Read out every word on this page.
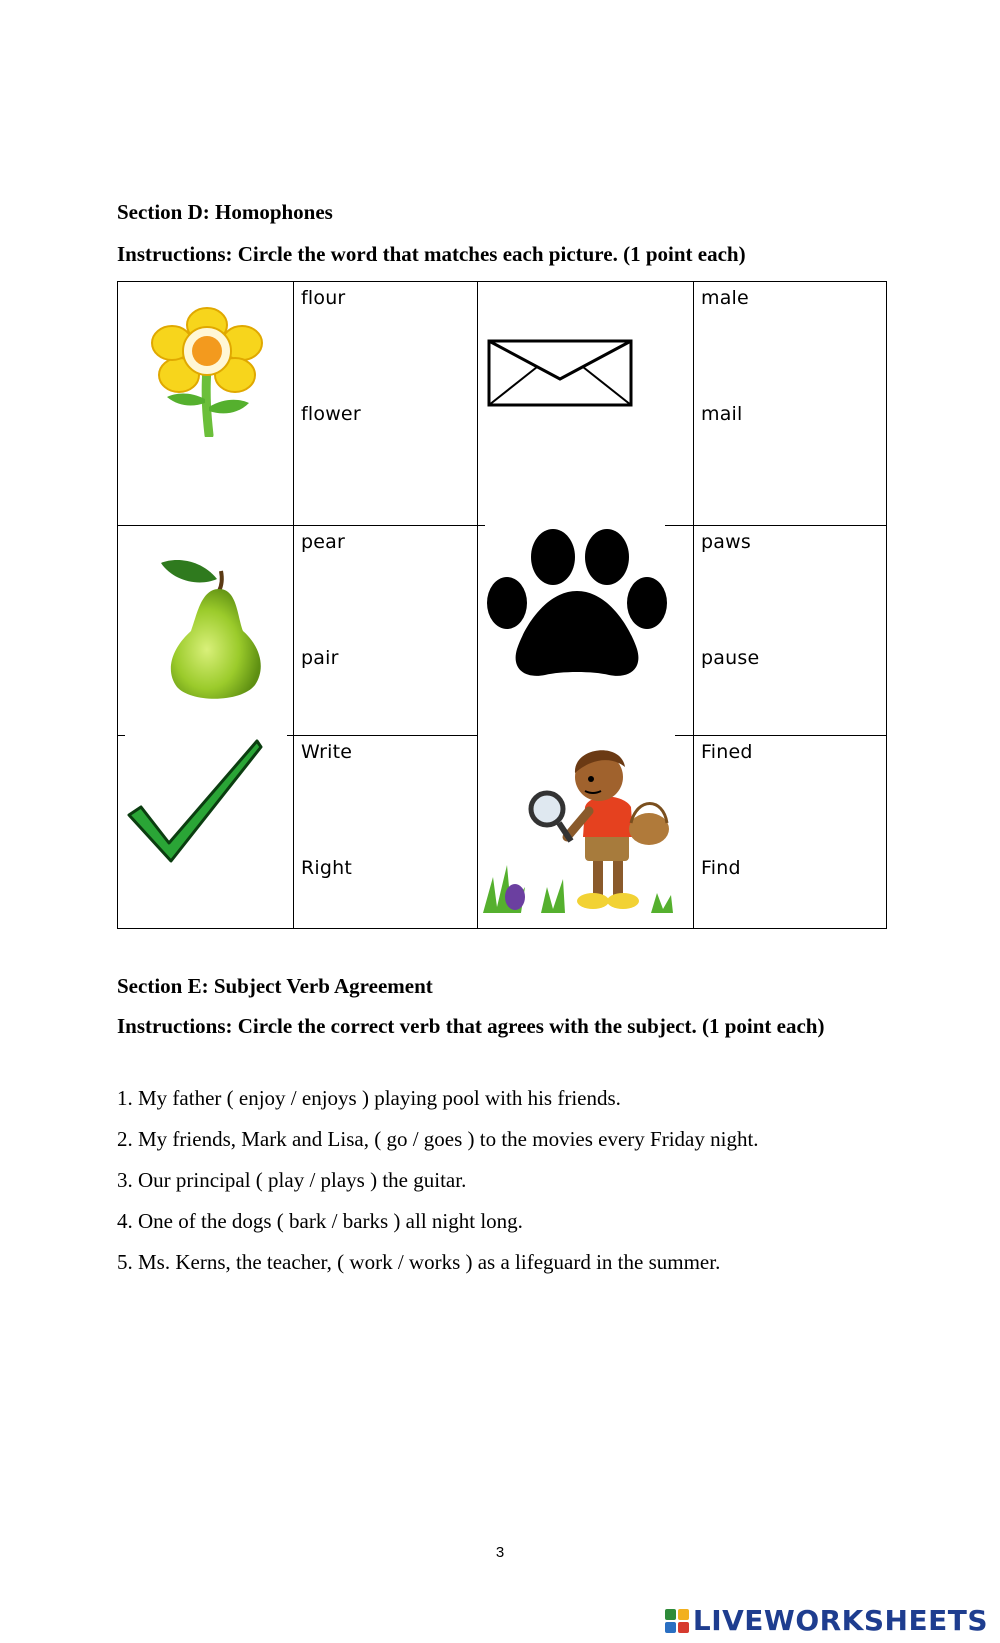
Section D: Homophones
Instructions: Circle the word that matches each picture. (1 point each)
flour
flower
male
mail
pear
pair
paws
pause
Write
Right
Fined
Find
Section E: Subject Verb Agreement
Instructions: Circle the correct verb that agrees with the subject. (1 point each)
1. My father ( enjoy / enjoys ) playing pool with his friends.
2. My friends, Mark and Lisa, ( go / goes ) to the movies every Friday night.
3. Our principal ( play / plays ) the guitar.
4. One of the dogs ( bark / barks ) all night long.
5. Ms. Kerns, the teacher, ( work / works ) as a lifeguard in the summer.
3
LIVEWORKSHEETS
